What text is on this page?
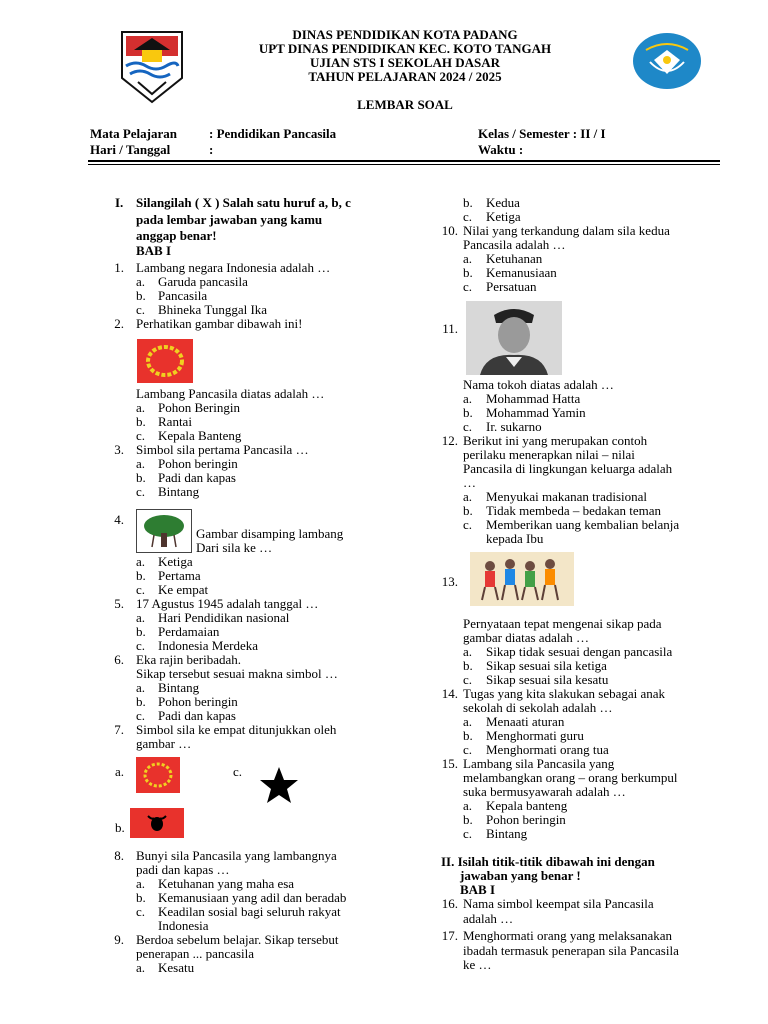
DINAS PENDIDIKAN KOTA PADANG
UPT DINAS PENDIDIKAN KEC. KOTO TANGAH
UJIAN STS I SEKOLAH DASAR
TAHUN PELAJARAN 2024 / 2025
LEMBAR SOAL
Mata Pelajaran : Pendidikan Pancasila	Kelas / Semester : II / I
Hari / Tanggal	:	Waktu :
I. Silangilah ( X ) Salah satu huruf a, b, c
pada lembar jawaban yang kamu
anggap benar!
BAB I
1. Lambang negara Indonesia adalah …
a. Garuda pancasila
b. Pancasila
c. Bhineka Tunggal Ika
2. Perhatikan gambar dibawah ini!
Lambang Pancasila diatas adalah …
a. Pohon Beringin
b. Rantai
c. Kepala Banteng
3. Simbol sila pertama Pancasila …
a. Pohon beringin
b. Padi dan kapas
c. Bintang
4.
Gambar disamping lambang
Dari sila ke …
a. Ketiga
b. Pertama
c. Ke empat
5. 17 Agustus 1945 adalah tanggal …
a. Hari Pendidikan nasional
b. Perdamaian
c. Indonesia Merdeka
6. Eka rajin beribadah.
Sikap tersebut sesuai makna simbol …
a. Bintang
b. Pohon beringin
c. Padi dan kapas
7. Simbol sila ke empat ditunjukkan oleh
gambar …
a.	c.
b.
8. Bunyi sila Pancasila yang lambangnya
padi dan kapas …
a. Ketuhanan yang maha esa
b. Kemanusiaan yang adil dan beradab
c. Keadilan sosial bagi seluruh rakyat
Indonesia
9. Berdoa sebelum belajar. Sikap tersebut
penerapan ... pancasila
a. Kesatu
b. Kedua
c. Ketiga
10. Nilai yang terkandung dalam sila kedua
Pancasila adalah …
a. Ketuhanan
b. Kemanusiaan
c. Persatuan
11.
Nama tokoh diatas adalah …
a. Mohammad Hatta
b. Mohammad Yamin
c. Ir. sukarno
12. Berikut ini yang merupakan contoh
perilaku menerapkan nilai – nilai
Pancasila di lingkungan keluarga adalah
…
a. Menyukai makanan tradisional
b. Tidak membeda – bedakan teman
c. Memberikan uang kembalian belanja
kepada Ibu
13.
Pernyataan tepat mengenai sikap pada
gambar diatas adalah …
a. Sikap tidak sesuai dengan pancasila
b. Sikap sesuai sila ketiga
c. Sikap sesuai sila kesatu
14. Tugas yang kita slakukan sebagai anak
sekolah di sekolah adalah …
a. Menaati aturan
b. Menghormati guru
c. Menghormati orang tua
15. Lambang sila Pancasila yang
melambangkan orang – orang berkumpul
suka bermusyawarah adalah …
a. Kepala banteng
b. Pohon beringin
c. Bintang
II. Isilah titik-titik dibawah ini dengan
jawaban yang benar !
BAB I
16. Nama simbol keempat sila Pancasila
adalah …
17. Menghormati orang yang melaksanakan
ibadah termasuk penerapan sila Pancasila
ke …
